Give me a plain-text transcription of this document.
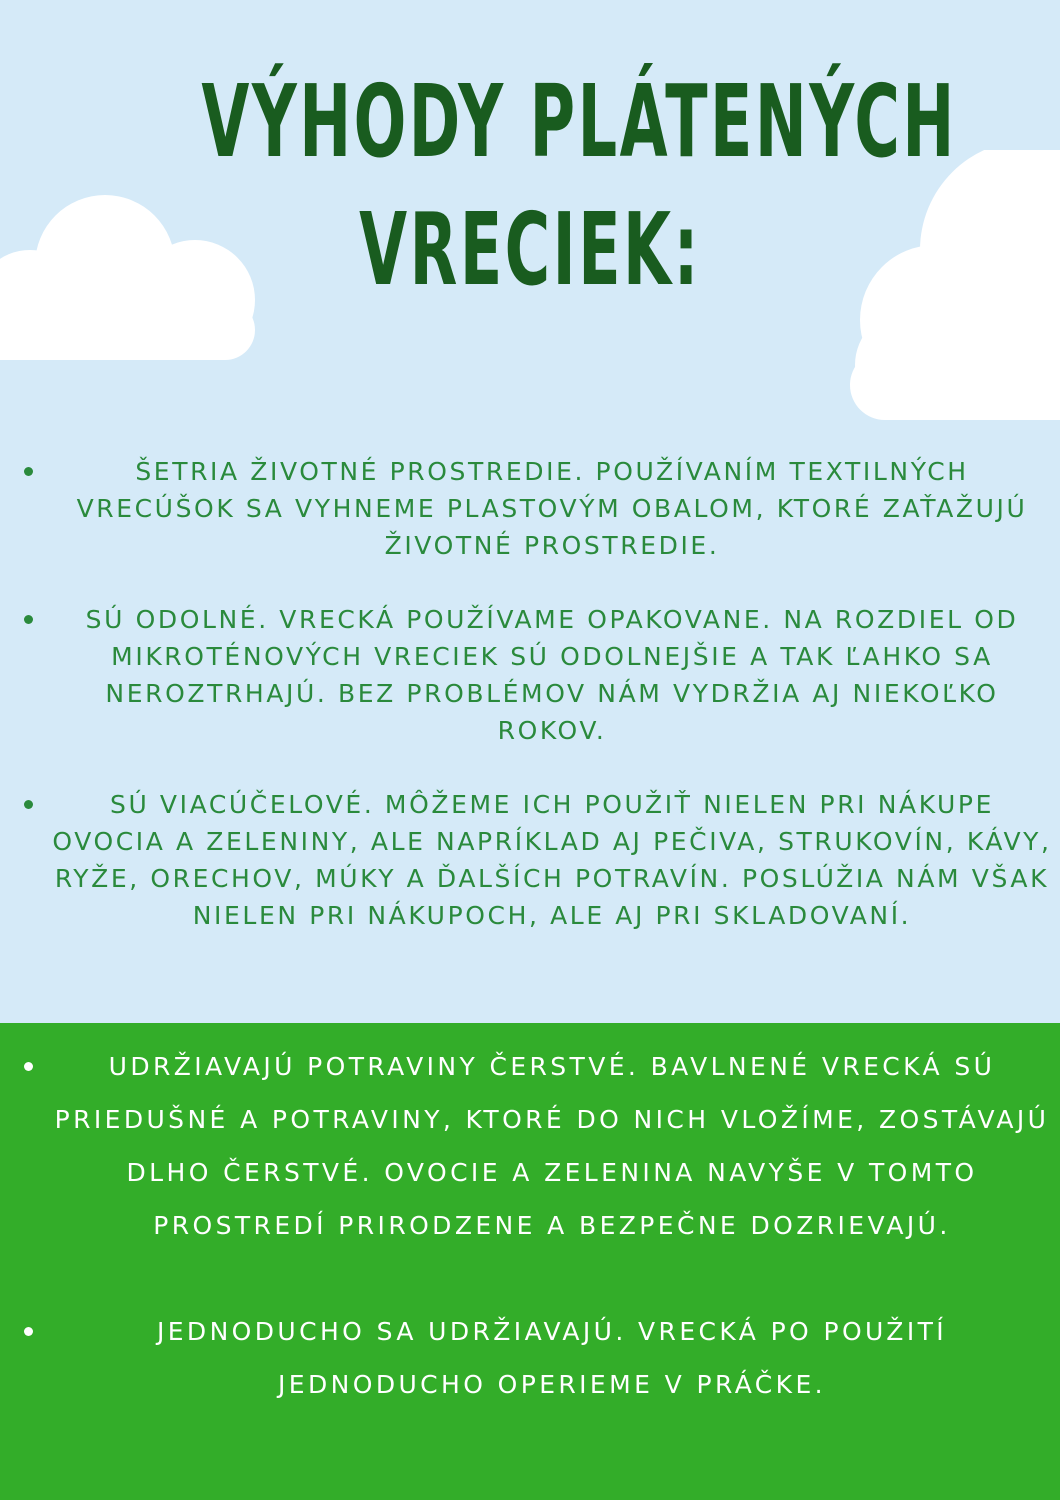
VÝHODY PLÁTENÝCH
VRECIEK:
ŠETRIA ŽIVOTNÉ PROSTREDIE. POUŽÍVANÍM TEXTILNÝCH VRECÚŠOK SA VYHNEME PLASTOVÝM OBALOM, KTORÉ ZAŤAŽUJÚ ŽIVOTNÉ PROSTREDIE.
SÚ ODOLNÉ. VRECKÁ POUŽÍVAME OPAKOVANE. NA ROZDIEL OD MIKROTÉNOVÝCH VRECIEK SÚ ODOLNEJŠIE A TAK ĽAHKO SA NEROZTRHAJÚ. BEZ PROBLÉMOV NÁM VYDRŽIA AJ NIEKOĽKO ROKOV.
SÚ VIACÚČELOVÉ. MÔŽEME ICH POUŽIŤ NIELEN PRI NÁKUPE OVOCIA A ZELENINY, ALE NAPRÍKLAD AJ PEČIVA, STRUKOVÍN, KÁVY, RYŽE, ORECHOV, MÚKY A ĎALŠÍCH POTRAVÍN. POSLÚŽIA NÁM VŠAK NIELEN PRI NÁKUPOCH, ALE AJ PRI SKLADOVANÍ.
UDRŽIAVAJÚ POTRAVINY ČERSTVÉ. BAVLNENÉ VRECKÁ SÚ PRIEDUŠNÉ A POTRAVINY, KTORÉ DO NICH VLOŽÍME, ZOSTÁVAJÚ DLHO ČERSTVÉ. OVOCIE A ZELENINA NAVYŠE V TOMTO PROSTREDÍ PRIRODZENE A BEZPEČNE DOZRIEVAJÚ.
JEDNODUCHO SA UDRŽIAVAJÚ. VRECKÁ PO POUŽITÍ JEDNODUCHO OPERIEME V PRÁČKE.
